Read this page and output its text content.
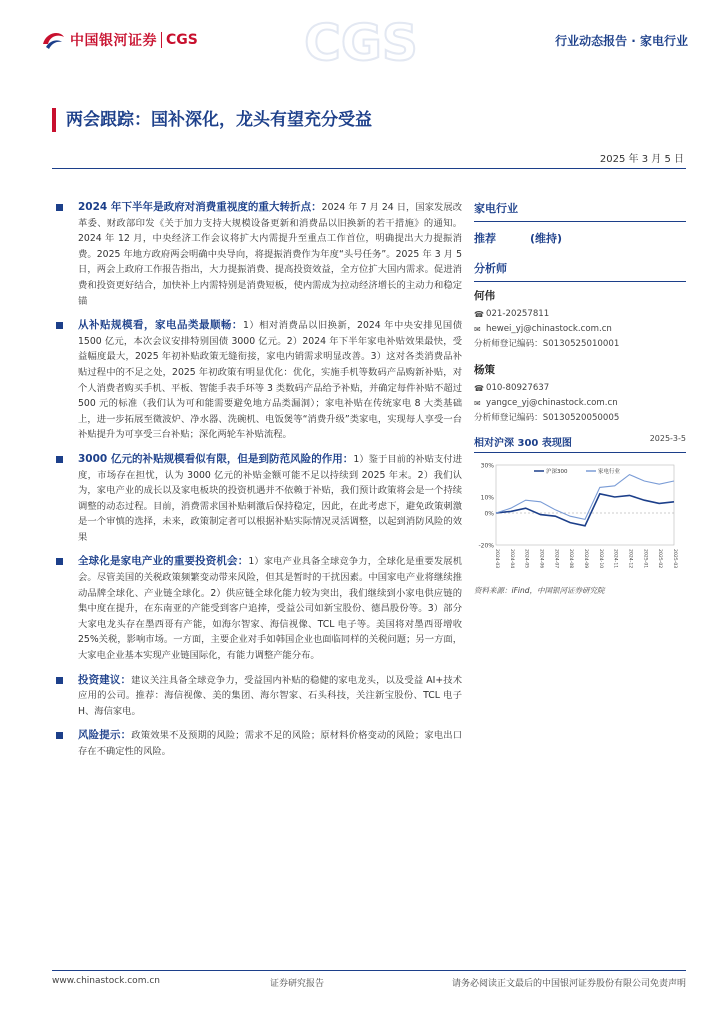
中国银河证券 CGS CGS	行业动态报告 · 家电行业
两会跟踪：国补深化，龙头有望充分受益
2025 年 3 月 5 日
2024 年下半年是政府对消费重视度的重大转折点：2024 年 7 月 24 日，国家发展改革委、财政部印发《关于加力支持大规模设备更新和消费品以旧换新的若干措施》的通知。2024 年 12 月，中央经济工作会议将扩大内需提升至重点工作首位，明确提出大力提振消费。2025 年地方政府两会明确中央导向，将提振消费作为年度“头号任务”。2025 年 3 月 5 日，两会上政府工作报告指出，大力提振消费、提高投资效益，全方位扩大国内需求。促进消费和投资更好结合，加快补上内需特别是消费短板，使内需成为拉动经济增长的主动力和稳定锚
从补贴规模看，家电品类最顺畅：1）相对消费品以旧换新，2024 年中央安排见国债 1500 亿元，本次会议安排特别国债 3000 亿元。2）2024 年下半年家电补贴效果最快，受益幅度最大，2025 年初补贴政策无缝衔接，家电内销需求明显改善。3）这对各类消费品补贴过程中的不足之处，2025 年初政策有明显优化：优化，实施手机等数码产品购新补贴，对个人消费者购买手机、平板、智能手表手环等 3 类数码产品给予补贴，并确定每件补贴不超过 500 元的标准（我们认为可和能需要避免地方品类漏洞）；家电补贴在传统家电 8 大类基础上，进一步拓展至微波炉、净水器、洗碗机、电饭煲等“消费升级”类家电，实现每人享受一台补贴提升为可享受三台补贴；深化两轮车补贴流程。
3000 亿元的补贴规模看似有限，但是到防范风险的作用：1）鉴于目前的补贴支付进度，市场存在担忧，认为 3000 亿元的补贴金额可能不足以持续到 2025 年末。2）我们认为，家电产业的成长以及家电板块的投资机遇并不依赖于补贴，我们预计政策将会是一个持续调整的动态过程。目前，消费需求国补贴刺激后保持稳定，因此，在此考虑下，避免政策刺激是一个审慎的选择，未来，政策制定者可以根据补贴实际情况灵活调整，以起到消防风险的效果
全球化是家电产业的重要投资机会：1）家电产业具备全球竞争力，全球化是重要发展机会。尽管美国的关税政策频繁变动带来风险，但其是暂时的干扰因素。中国家电产业将继续推动品牌全球化、产业链全球化。2）供应链全球化能力较为突出，我们继续到小家电供应链的集中度在提升，在东南亚的产能受到客户追捧，受益公司如新宝股份、德昌股份等。3）部分大家电龙头存在墨西哥有产能，如海尔智家、海信视像、TCL 电子等。美国将对墨西哥增收 25%关税，影响市场。一方面，主要企业对手如韩国企业也面临同样的关税问题；另一方面，大家电企业基本实现产业链国际化，有能力调整产能分布。
投资建议：建议关注具备全球竞争力，受益国内补贴的稳健的家电龙头，以及受益 AI+技术应用的公司。推荐：海信视像、美的集团、海尔智家、石头科技，关注新宝股份、TCL 电子 H、海信家电。
风险提示：政策效果不及预期的风险；需求不足的风险；原材料价格变动的风险；家电出口存在不确定性的风险。
家电行业
推荐	(维持)
分析师
何伟
☎ 021-20257811
✉ hewei_yj@chinastock.com.cn
分析师登记编码：S0130525010001
杨策
☎ 010-80927637
✉ yangce_yj@chinastock.com.cn
分析师登记编码：S0130520050005
相对沪深 300 表现图	2025-3-5
30%
10%
0%
-20%
2024-03 2024-04 2024-05 2024-06 2024-07 2024-08 2024-09 2024-10 2024-11 2024-12 2025-01 2025-02 2025-03
沪深300	家电行业
资料来源：iFind，中国银河证券研究院
www.chinastock.com.cn	证券研究报告	请务必阅读正文最后的中国银河证券股份有限公司免责声明
